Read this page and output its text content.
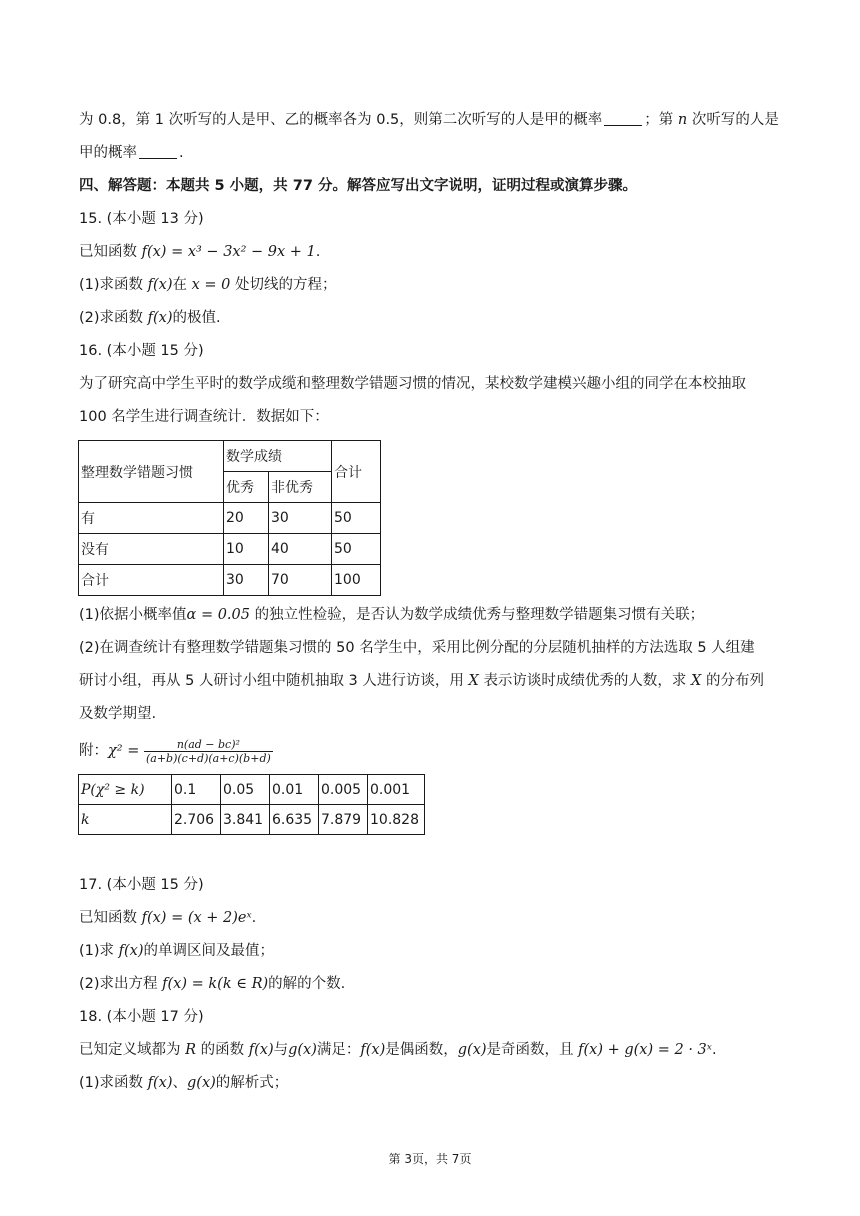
为 0.8，第 1 次听写的人是甲、乙的概率各为 0.5，则第二次听写的人是甲的概率	；第 n 次听写的人是
甲的概率	.
四、解答题：本题共 5 小题，共 77 分。解答应写出文字说明，证明过程或演算步骤。
15. (本小题 13 分)
已知函数 f(x) = x³ − 3x² − 9x + 1.
(1)求函数 f(x)在 x = 0 处切线的方程；
(2)求函数 f(x)的极值.
16. (本小题 15 分)
为了研究高中学生平时的数学成缆和整理数学错题习惯的情况，某校数学建模兴趣小组的同学在本校抽取
100 名学生进行调查统计．数据如下：
整理数学错题习惯	数学成绩		合计
	优秀	非优秀	
有	20	30	50
没有	10	40	50
合计	30	70	100
(1)依据小概率值α = 0.05 的独立性检验，是否认为数学成绩优秀与整理数学错题集习惯有关联；
(2)在调查统计有整理数学错题集习惯的 50 名学生中，采用比例分配的分层随机抽样的方法选取 5 人组建
研讨小组，再从 5 人研讨小组中随机抽取 3 人进行访谈，用 X 表示访谈时成绩优秀的人数，求 X 的分布列
及数学期望.
附：$\chi^2 = \frac{\text{n(ad − bc)²}}{(a+b)(c+d)(a+c)(b+d)}$
P(χ² ≥ k)	0.1	0.05	0.01	0.005	0.001
k	2.706	3.841	6.635	7.879	10.828
17. (本小题 15 分)
已知函数 f(x) = (x + 2)eˣ.
(1)求 f(x)的单调区间及最值；
(2)求出方程 f(x) = k(k ∈ R)的解的个数.
18. (本小题 17 分)
已知定义域都为 R 的函数 f(x)与g(x)满足：f(x)是偶函数，g(x)是奇函数，且 f(x) + g(x) = 2 · 3ˣ.
(1)求函数 f(x)、g(x)的解析式；
第 3页，共 7页
